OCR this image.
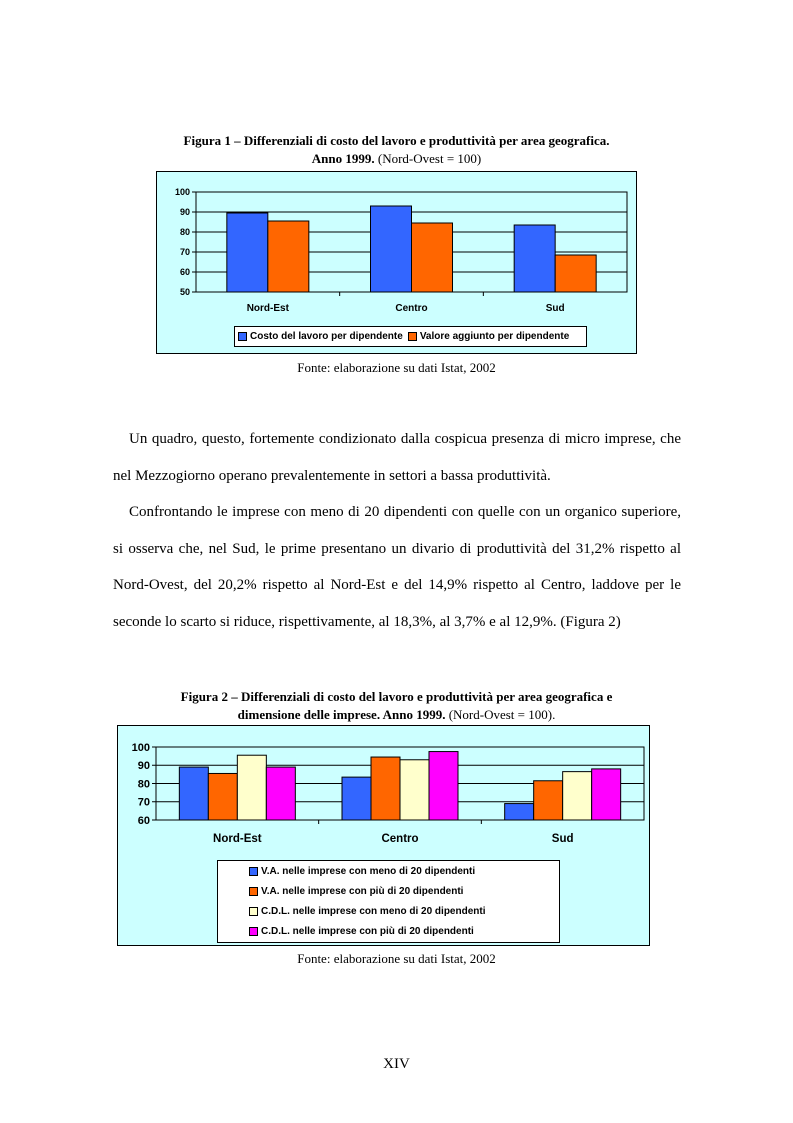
Figura 1 – Differenziali di costo del lavoro e produttività per area geografica.
Anno 1999. (Nord-Ovest = 100)
50
60
70
80
90
100
Nord-Est	Centro	Sud
Costo del lavoro per dipendente Valore aggiunto per dipendente
Fonte: elaborazione su dati Istat, 2002

Un quadro, questo, fortemente condizionato dalla cospicua presenza di micro imprese, che nel Mezzogiorno operano prevalentemente in settori a bassa produttività.

Confrontando le imprese con meno di 20 dipendenti con quelle con un organico superiore, si osserva che, nel Sud, le prime presentano un divario di produttività del 31,2% rispetto al Nord-Ovest, del 20,2% rispetto al Nord-Est e del 14,9% rispetto al Centro, laddove per le seconde lo scarto si riduce, rispettivamente, al 18,3%, al 3,7% e al 12,9%. (Figura 2)

Figura 2 – Differenziali di costo del lavoro e produttività per area geografica e
dimensione delle imprese. Anno 1999. (Nord-Ovest = 100).
60
70
80
90
100
Nord-Est	Centro	Sud
V.A. nelle imprese con meno di 20 dipendenti
V.A. nelle imprese con più di 20 dipendenti
C.D.L. nelle imprese con meno di 20 dipendenti
C.D.L. nelle imprese con più di 20 dipendenti
Fonte: elaborazione su dati Istat, 2002
XIV
